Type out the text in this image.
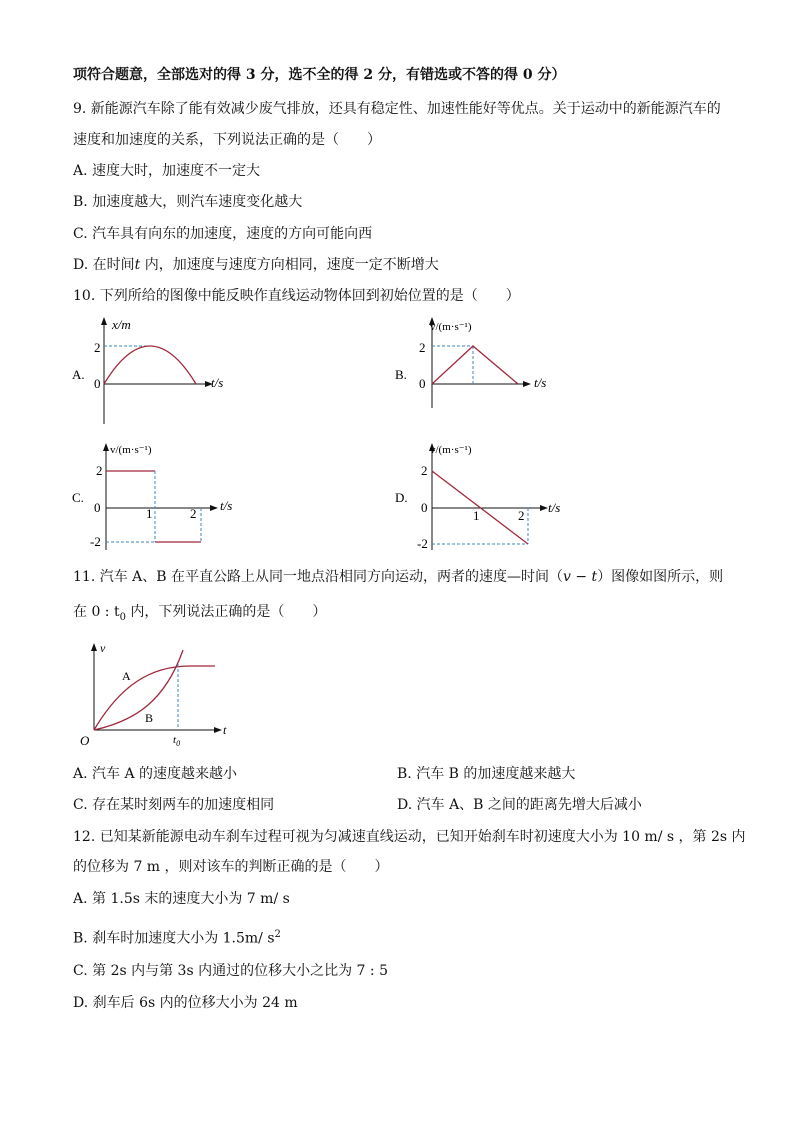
项符合题意，全部选对的得 3 分，选不全的得 2 分，有错选或不答的得 0 分）
9. 新能源汽车除了能有效减少废气排放，还具有稳定性、加速性能好等优点。关于运动中的新能源汽车的
速度和加速度的关系，下列说法正确的是（　　）
A. 速度大时，加速度不一定大
B. 加速度越大，则汽车速度变化越大
C. 汽车具有向东的加速度，速度的方向可能向西
D. 在时间t 内，加速度与速度方向相同，速度一定不断增大
10. 下列所给的图像中能反映作直线运动物体回到初始位置的是（　　）
A.
x/m
t/s
2
0
B.
v/(m·s⁻¹)
t/s
2
0
C.
v/(m·s⁻¹)
t/s
2
0
-2
1	2
D.
v/(m·s⁻¹)
t/s
2
0
-2
1	2
11. 汽车 A、B 在平直公路上从同一地点沿相同方向运动，两者的速度—时间（v − t）图像如图所示，则
在 0 : $t_0$ 内，下列说法正确的是（　　）
v
t
O
A
B
$t_0$
A. 汽车 A 的速度越来越小	B. 汽车 B 的加速度越来越大
C. 存在某时刻两车的加速度相同	D. 汽车 A、B 之间的距离先增大后减小
12. 已知某新能源电动车刹车过程可视为匀减速直线运动，已知开始刹车时初速度大小为 10 m/ s ，第 2s 内
的位移为 7 m ，则对该车的判断正确的是（　　）
A. 第 1.5s 末的速度大小为 7 m/ s
B. 刹车时加速度大小为 1.5m/ $s^2$
C. 第 2s 内与第 3s 内通过的位移大小之比为 7 : 5
D. 刹车后 6s 内的位移大小为 24 m
